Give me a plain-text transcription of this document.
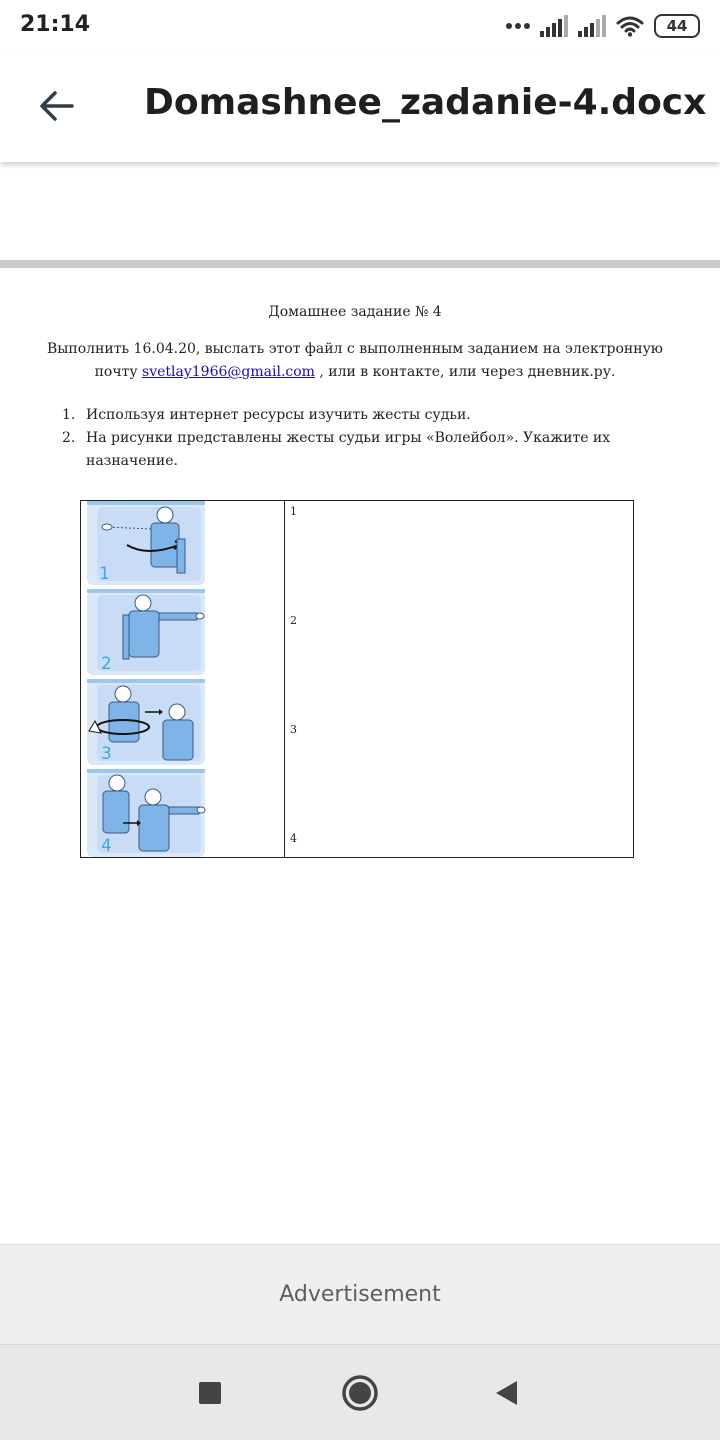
21:14	44
Domashnee_zadanie-4.docx
Домашнее задание № 4
Выполнить 16.04.20, выслать этот файл с выполненным заданием на электронную почту svetlay1966@gmail.com , или в контакте, или через дневник.ру.
1. Используя интернет ресурсы изучить жесты судьи.
2. На рисунки представлены жесты судьи игры «Волейбол». Укажите их назначение.
1
2
3
4
1
2
3
4
Advertisement
